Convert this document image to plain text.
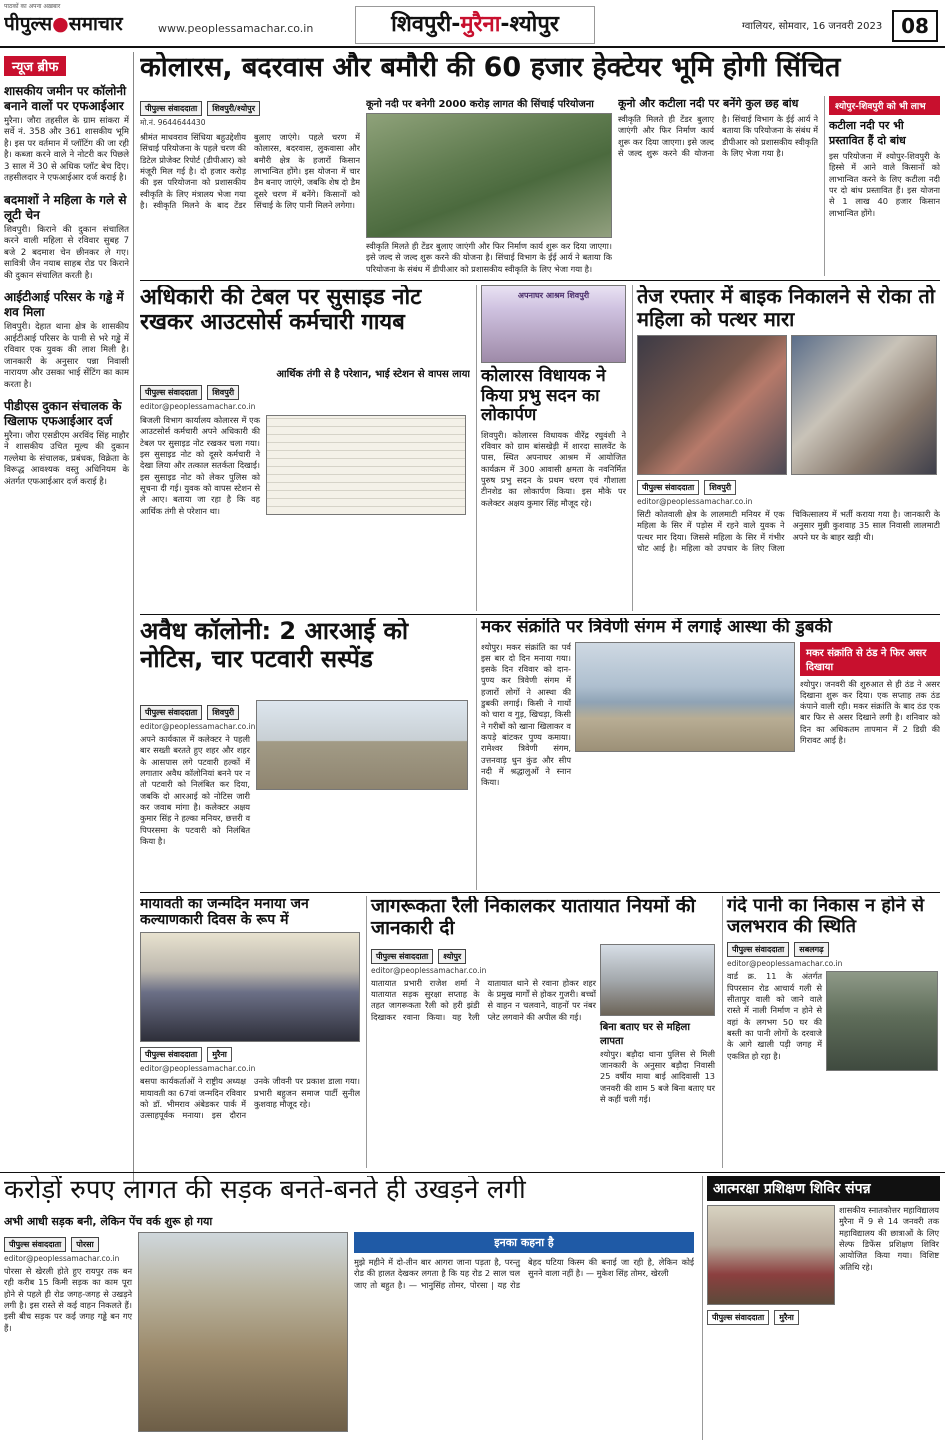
पाठकों का अपना अख़बार
पीपुल्स●समाचार	www.peoplessamachar.co.in	शिवपुरी-मुरैना-श्योपुर	ग्वालियर, सोमवार, 16 जनवरी 2023 08
न्यूज ब्रीफ
शासकीय जमीन पर कॉलोनी बनाने वालों पर एफआईआर

मुरैना। जौरा तहसील के ग्राम सांकरा में सर्वे नं. 358 और 361 शासकीय भूमि है। इस पर वर्तमान में प्लॉटिंग की जा रही है। कब्जा करने वाले ने नोटरी कर पिछले 3 साल में 30 से अधिक प्लॉट बेच दिए। तहसीलदार ने एफआईआर दर्ज कराई है।

बदमाशों ने महिला के गले से लूटी चेन

शिवपुरी। किराने की दुकान संचालित करने वाली महिला से रविवार सुबह 7 बजे 2 बदमाश चेन छीनकर ले गए। सावित्री जैन नयाब साहब रोड पर किराने की दुकान संचालित करती है।

आईटीआई परिसर के गड्ढे में शव मिला

शिवपुरी। देहात थाना क्षेत्र के शासकीय आईटीआई परिसर के पानी से भरे गड्ढे में रविवार एक युवक की लाश मिली है। जानकारी के अनुसार पन्ना निवासी नारायण और उसका भाई सेंटिंग का काम करता है।

पीडीएस दुकान संचालक के खिलाफ एफआईआर दर्ज

मुरैना। जौरा एसडीएम अरविंद सिंह माहौर ने शासकीय उचित मूल्य की दुकान गल्लेथा के संचालक, प्रबंधक, विक्रेता के विरूद्ध आवश्यक वस्तु अधिनियम के अंतर्गत एफआईआर दर्ज कराई है।

कोलारस, बदरवास और बमौरी की 60 हजार हेक्टेयर भूमि होगी सिंचित
पीपुल्स संवाददाता शिवपुरी/श्योपुर
मो.नं. 9644644430
श्रीमंत माधवराव सिंधिया बहुउद्देशीय सिंचाई परियोजना के पहले चरण की डिटेल प्रोजेक्ट रिपोर्ट (डीपीआर) को मंजूरी मिल गई है। दो हजार करोड़ की इस परियोजना को प्रशासकीय स्वीकृति के लिए मंत्रालय भेजा गया है। स्वीकृति मिलने के बाद टेंडर बुलाए जाएंगे। पहले चरण में कोलारस, बदरवास, लुकवासा और बमौरी क्षेत्र के हजारों किसान लाभान्वित होंगे। इस योजना में चार डैम बनाए जाएंगे, जबकि शेष दो डैम दूसरे चरण में बनेंगे। किसानों को सिंचाई के लिए पानी मिलने लगेगा।
कूनो नदी पर बनेगी 2000 करोड़ लागत की सिंचाई परियोजना
स्वीकृति मिलते ही टेंडर बुलाए जाएंगी और फिर निर्माण कार्य शुरू कर दिया जाएगा। इसे जल्द से जल्द शुरू करने की योजना है। सिंचाई विभाग के ईई आर्य ने बताया कि परियोजना के संबंध में डीपीआर को प्रशासकीय स्वीकृति के लिए भेजा गया है।
कूनो और कटीला नदी पर बनेंगे कुल छह बांध
स्वीकृति मिलते ही टेंडर बुलाए जाएंगी और फिर निर्माण कार्य शुरू कर दिया जाएगा। इसे जल्द से जल्द शुरू करने की योजना है। सिंचाई विभाग के ईई आर्य ने बताया कि परियोजना के संबंध में डीपीआर को प्रशासकीय स्वीकृति के लिए भेजा गया है।
श्योपुर-शिवपुरी को भी लाभ
कटीला नदी पर भी प्रस्तावित हैं दो बांध
इस परियोजना में श्योपुर-शिवपुरी के हिस्से में आने वाले किसानों को लाभान्वित करने के लिए कटीला नदी पर दो बांध प्रस्तावित हैं। इस योजना से 1 लाख 40 हजार किसान लाभान्वित होंगे।
अधिकारी की टेबल पर सुसाइड नोट रखकर आउटसोर्स कर्मचारी गायब
आर्थिक तंगी से है परेशान, भाई स्टेशन से वापस लाया
पीपुल्स संवाददाता शिवपुरी
editor@peoplessamachar.co.in
बिजली विभाग कार्यालय कोलारस में एक आउटसोर्स कर्मचारी अपने अधिकारी की टेबल पर सुसाइड नोट रखकर चला गया। इस सुसाइड नोट को दूसरे कर्मचारी ने देखा लिया और तत्काल सतर्कता दिखाई। इस सुसाइड नोट को लेकर पुलिस को सूचना दी गई। युवक को वापस स्टेशन से ले आए। बताया जा रहा है कि वह आर्थिक तंगी से परेशान था।
अपनाघर आश्रम शिवपुरी
कोलारस विधायक ने किया प्रभु सदन का लोकार्पण
शिवपुरी। कोलारस विधायक वीरेंद्र रघुवंशी ने रविवार को ग्राम बांसखेड़ी में शारदा सालवेंट के पास, स्थित अपनाघर आश्रम में आयोजित कार्यक्रम में 300 आवासी क्षमता के नवनिर्मित पुरुष प्रभु सदन के प्रथम चरण एवं गौशाला टीनशेड का लोकार्पण किया। इस मौके पर कलेक्टर अक्षय कुमार सिंह मौजूद रहे।
तेज रफ्तार में बाइक निकालने से रोका तो महिला को पत्थर मारा
पीपुल्स संवाददाता शिवपुरी
editor@peoplessamachar.co.in
सिटी कोतवाली क्षेत्र के लालमाटी मनियर में एक महिला के सिर में पड़ोस में रहने वाले युवक ने पत्थर मार दिया। जिससे महिला के सिर में गंभीर चोट आई है। महिला को उपचार के लिए जिला चिकित्सालय में भर्ती कराया गया है। जानकारी के अनुसार मुन्नी कुशवाह 35 साल निवासी लालमाटी अपने घर के बाहर खड़ी थी।
अवैध कॉलोनी: 2 आरआई को नोटिस, चार पटवारी सस्पेंड
पीपुल्स संवाददाता शिवपुरी
editor@peoplessamachar.co.in
अपने कार्यकाल में कलेक्टर ने पहली बार सख्ती बरतते हुए शहर और शहर के आसपास लगे पटवारी हल्कों में लगातार अवैध कॉलोनियां बनने पर न तो पटवारी को निलंबित कर दिया, जबकि दो आरआई को नोटिस जारी कर जवाब मांगा है। कलेक्टर अक्षय कुमार सिंह ने हल्का मनियर, छत्तरी व पिपरसमा के पटवारी को निलंबित किया है।
मकर संक्रांति पर त्रिवेणी संगम में लगाई आस्था की डुबकी
श्योपुर। मकर संक्रांति का पर्व इस बार दो दिन मनाया गया। इसके दिन रविवार को दान-पुण्य कर त्रिवेणी संगम में हजारों लोगों ने आस्था की डुबकी लगाई। किसी ने गायों को चारा व गुड़, खिचड़ा, किसी ने गरीबों को खाना खिलाकर व कपड़े बांटकर पुण्य कमाया। रामेश्वर त्रिवेणी संगम, उत्तनवाड़ धुन कुंड और सीप नदी में श्रद्धालुओं ने स्नान किया।
मकर संक्रांति से ठंड ने फिर असर दिखाया
श्योपुर। जनवरी की शुरुआत से ही ठंड ने असर दिखाना शुरू कर दिया। एक सप्ताह तक ठंड कंपाने वाली रही। मकर संक्रांति के बाद ठंड एक बार फिर से असर दिखाने लगी है। शनिवार को दिन का अधिकतम तापमान में 2 डिग्री की गिरावट आई है।
मायावती का जन्मदिन मनाया जन कल्याणकारी दिवस के रूप में
पीपुल्स संवाददाता मुरैना
editor@peoplessamachar.co.in
बसपा कार्यकर्ताओं ने राष्ट्रीय अध्यक्ष मायावती का 67वां जन्मदिन रविवार को डॉ. भीमराव अंबेडकर पार्क में उत्साहपूर्वक मनाया। इस दौरान उनके जीवनी पर प्रकाश डाला गया। प्रभारी बहुजन समाज पार्टी सुनील कुशवाह मौजूद रहे।
जागरूकता रैली निकालकर यातायात नियमों की जानकारी दी
पीपुल्स संवाददाता श्योपुर
editor@peoplessamachar.co.in
यातायात प्रभारी राजेश शर्मा ने यातायात सड़क सुरक्षा सप्ताह के तहत जागरूकता रैली को हरी झंडी दिखाकर रवाना किया। यह रैली यातायात थाने से रवाना होकर शहर के प्रमुख मार्गों से होकर गुजरी। बच्चों से वाहन न चलवाने, वाहनों पर नंबर प्लेट लगवाने की अपील की गई।
बिना बताए घर से महिला लापता
श्योपुर। बड़ौदा थाना पुलिस से मिली जानकारी के अनुसार बड़ौदा निवासी 25 वर्षीय माया बाई आदिवासी 13 जनवरी की शाम 5 बजे बिना बताए घर से कहीं चली गई।
गंदे पानी का निकास न होने से जलभराव की स्थिति
पीपुल्स संवाददाता सबलगढ़
editor@peoplessamachar.co.in
वार्ड क्र. 11 के अंतर्गत पिपरसान रोड आचार्य गली से सीतापुर वाली को जाने वाले रास्ते में नाली निर्माण न होने से वहां के लगभग 50 घर की बस्ती का पानी लोगों के दरवाजे के आगे खाली पड़ी जगह में एकत्रित हो रहा है।
करोड़ों रुपए लागत की सड़क बनते-बनते ही उखड़ने लगी
अभी आधी सड़क बनी, लेकिन पेंच वर्क शुरू हो गया
पीपुल्स संवाददाता पोरसा
editor@peoplessamachar.co.in
पोरसा से खेरली होते हुए रायपुर तक बन रही करीब 15 किमी सड़क का काम पूरा होने से पहले ही रोड जगह-जगह से उखड़ने लगी है। इस रास्ते से कई वाहन निकलते हैं। इसी बीच सड़क पर कई जगह गड्ढे बन गए हैं।
इनका कहना है
मुझे महीने में दो-तीन बार आगरा जाना पड़ता है, परन्तु रोड की हालत देखकर लगता है कि यह रोड 2 साल चल जाए तो बहुत है। — भानुसिंह तोमर, पोरसा | यह रोड बेहद घटिया किस्म की बनाई जा रही है, लेकिन कोई सुनने वाला नहीं है। — मुकेश सिंह तोमर, खेरली
आत्मरक्षा प्रशिक्षण शिविर संपन्न
पीपुल्स संवाददाता मुरैना
शासकीय स्नातकोत्तर महाविद्यालय मुरैना में 9 से 14 जनवरी तक महाविद्यालय की छात्राओं के लिए सेल्फ डिफेंस प्रशिक्षण शिविर आयोजित किया गया। विशिष्ट अतिथि रहे।
